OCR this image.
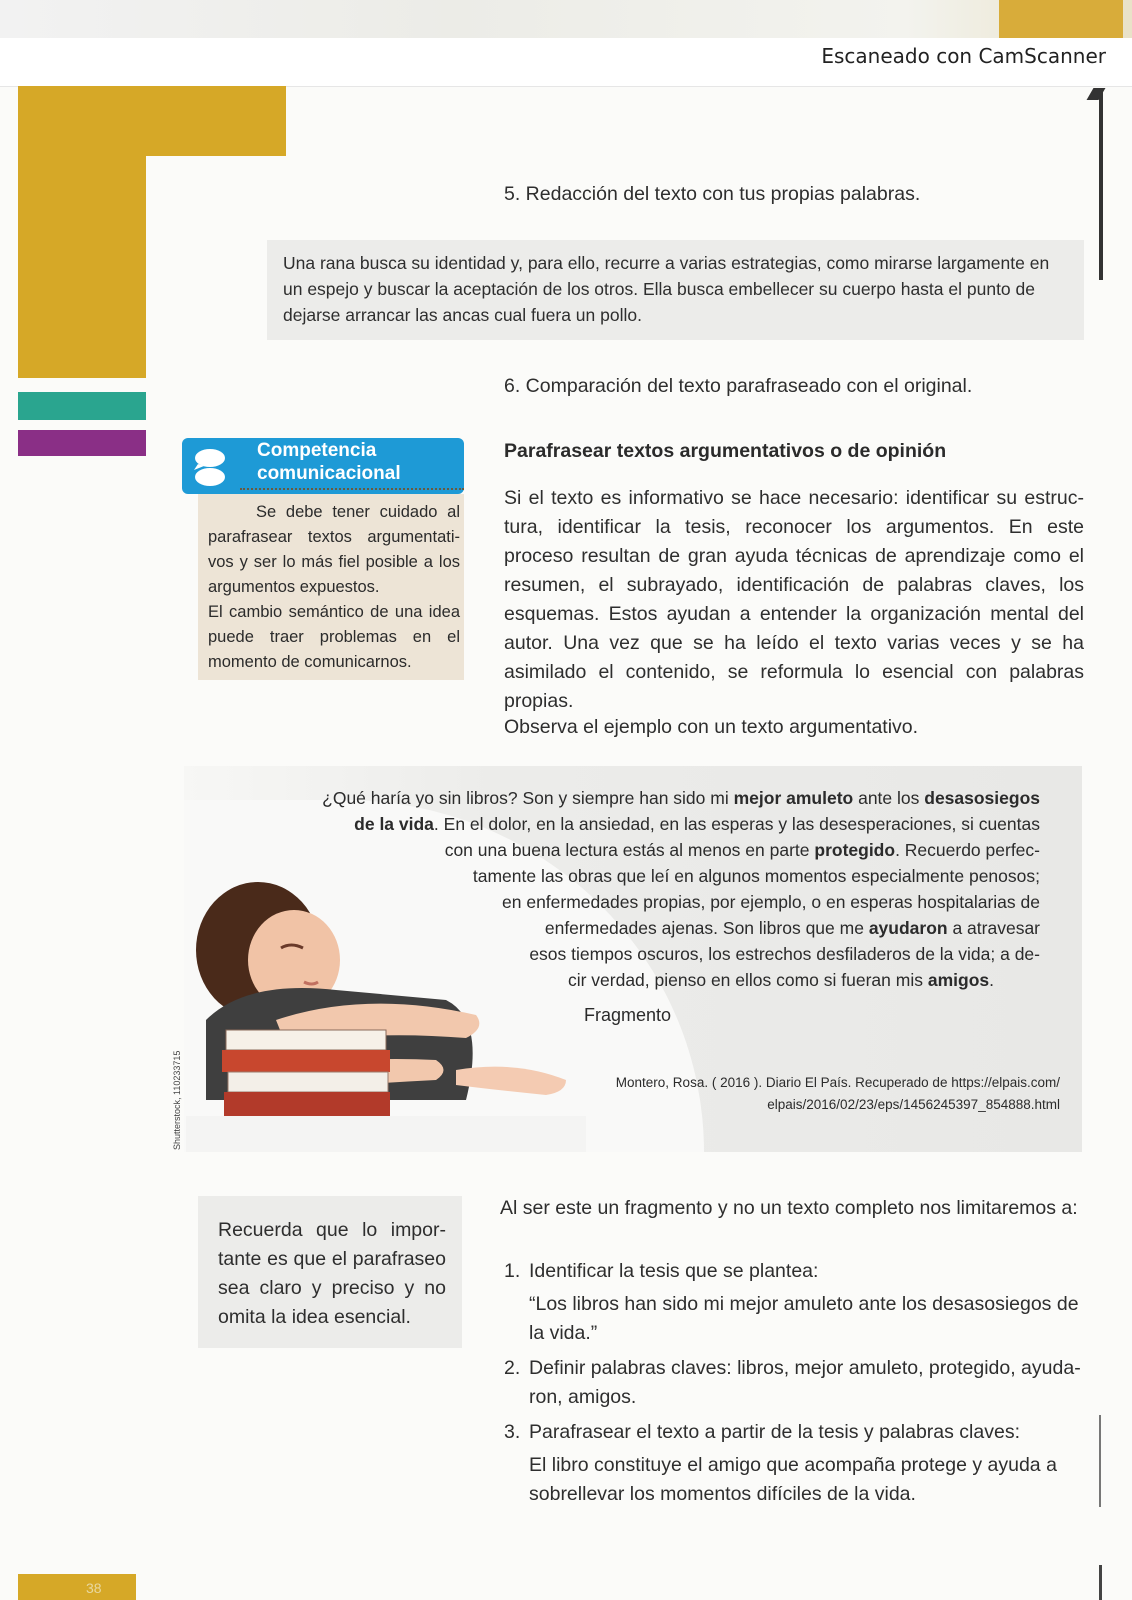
Escaneado con CamScanner
38
5. Redacción del texto con tus propias palabras.
Una rana busca su identidad y, para ello, recurre a varias estrategias, como mirarse largamente en un espejo y buscar la aceptación de los otros. Ella busca embellecer su cuerpo hasta el punto de dejarse arrancar las ancas cual fuera un pollo.
6. Comparación del texto parafraseado con el original.
Competencia
comunicacional
Se debe tener cuidado al parafrasear textos argumentati-vos y ser lo más fiel posible a los argumentos expuestos.
El cambio semántico de una idea puede traer problemas en el momento de comunicarnos.
Parafrasear textos argumentativos o de opinión
Si el texto es informativo se hace necesario: identificar su estruc-tura, identificar la tesis, reconocer los argumentos. En este proceso resultan de gran ayuda técnicas de aprendizaje como el resumen, el subrayado, identificación de palabras claves, los esquemas. Estos ayudan a entender la organización mental del autor. Una vez que se ha leído el texto varias veces y se ha asimilado el contenido, se reformula lo esencial con palabras propias.
Observa el ejemplo con un texto argumentativo.
¿Qué haría yo sin libros? Son y siempre han sido mi mejor amuleto ante los desasosiegos
de la vida. En el dolor, en la ansiedad, en las esperas y las desesperaciones, si cuentas
con una buena lectura estás al menos en parte protegido. Recuerdo perfec-
tamente las obras que leí en algunos momentos especialmente penosos;
en enfermedades propias, por ejemplo, o en esperas hospitalarias de
enfermedades ajenas. Son libros que me ayudaron a atravesar
esos tiempos oscuros, los estrechos desfiladeros de la vida; a de-
cir verdad, pienso en ellos como si fueran mis amigos.
Fragmento
Montero, Rosa. ( 2016 ). Diario El País. Recuperado de https://elpais.com/
elpais/2016/02/23/eps/1456245397_854888.html
Shutterstock, 110233715
Recuerda que lo impor-tante es que el parafraseo sea claro y preciso y no omita la idea esencial.
Al ser este un fragmento y no un texto completo nos limitaremos a:
1. Identificar la tesis que se plantea:
“Los libros han sido mi mejor amuleto ante los desasosiegos de la vida.”
2. Definir palabras claves: libros, mejor amuleto, protegido, ayuda-ron, amigos.
3. Parafrasear el texto a partir de la tesis y palabras claves:
El libro constituye el amigo que acompaña protege y ayuda a sobrellevar los momentos difíciles de la vida.
